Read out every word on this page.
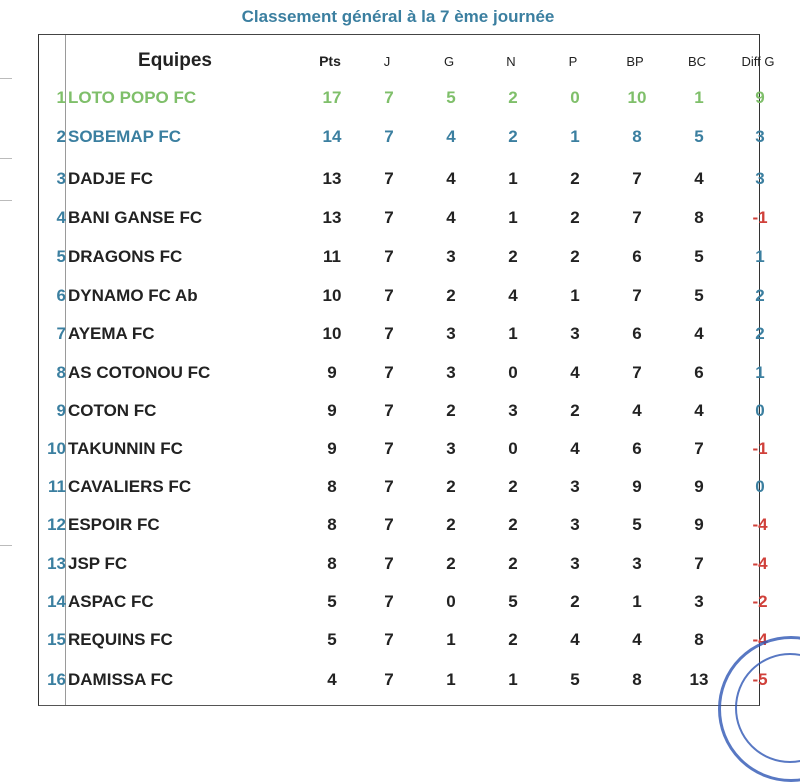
Classement général à la 7 ème journée
Equipes	Pts	J	G	N	P	BP	BC	Diff G
1 LOTO POPO FC	17	7	5	2	0	10	1	9
2 SOBEMAP FC	14	7	4	2	1	8	5	3
3 DADJE FC	13	7	4	1	2	7	4	3
4 BANI GANSE FC	13	7	4	1	2	7	8	-1
5 DRAGONS FC	11	7	3	2	2	6	5	1
6 DYNAMO FC Ab	10	7	2	4	1	7	5	2
7 AYEMA FC	10	7	3	1	3	6	4	2
8 AS COTONOU FC	9	7	3	0	4	7	6	1
9 COTON FC	9	7	2	3	2	4	4	0
10 TAKUNNIN FC	9	7	3	0	4	6	7	-1
11 CAVALIERS FC	8	7	2	2	3	9	9	0
12 ESPOIR FC	8	7	2	2	3	5	9	-4
13 JSP FC	8	7	2	2	3	3	7	-4
14 ASPAC FC	5	7	0	5	2	1	3	-2
15 REQUINS FC	5	7	1	2	4	4	8	-4
16 DAMISSA FC	4	7	1	1	5	8	13	-5
